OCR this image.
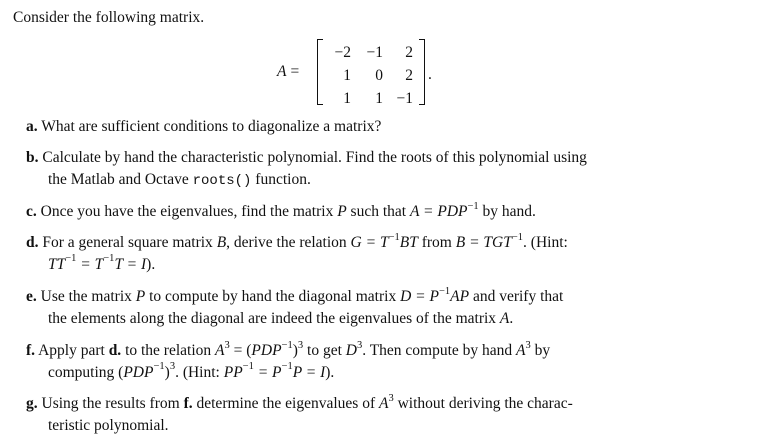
Consider the following matrix.
A =
−2	−1	2
1	0	2
1	1 −1
.
a. What are sufficient conditions to diagonalize a matrix?
b. Calculate by hand the characteristic polynomial. Find the roots of this polynomial using
the Matlab and Octave roots() function.
c. Once you have the eigenvalues, find the matrix P such that $A = PDP^{-1}$ by hand.
d. For a general square matrix B, derive the relation $G = T^{-1}BT$ from $B = TGT^{-1}$. (Hint:
$TT^{-1} = T^{-1}T = I$).
e. Use the matrix P to compute by hand the diagonal matrix $D = P^{-1}AP$ and verify that
the elements along the diagonal are indeed the eigenvalues of the matrix A.
f. Apply part d. to the relation $A^3 = (PDP^{-1})^3$ to get $D^3$. Then compute by hand $A^3$ by
computing $(PDP^{-1})^3$. (Hint: $PP^{-1} = P^{-1}P = I$).
g. Using the results from f. determine the eigenvalues of $A^3$ without deriving the charac-
teristic polynomial.
